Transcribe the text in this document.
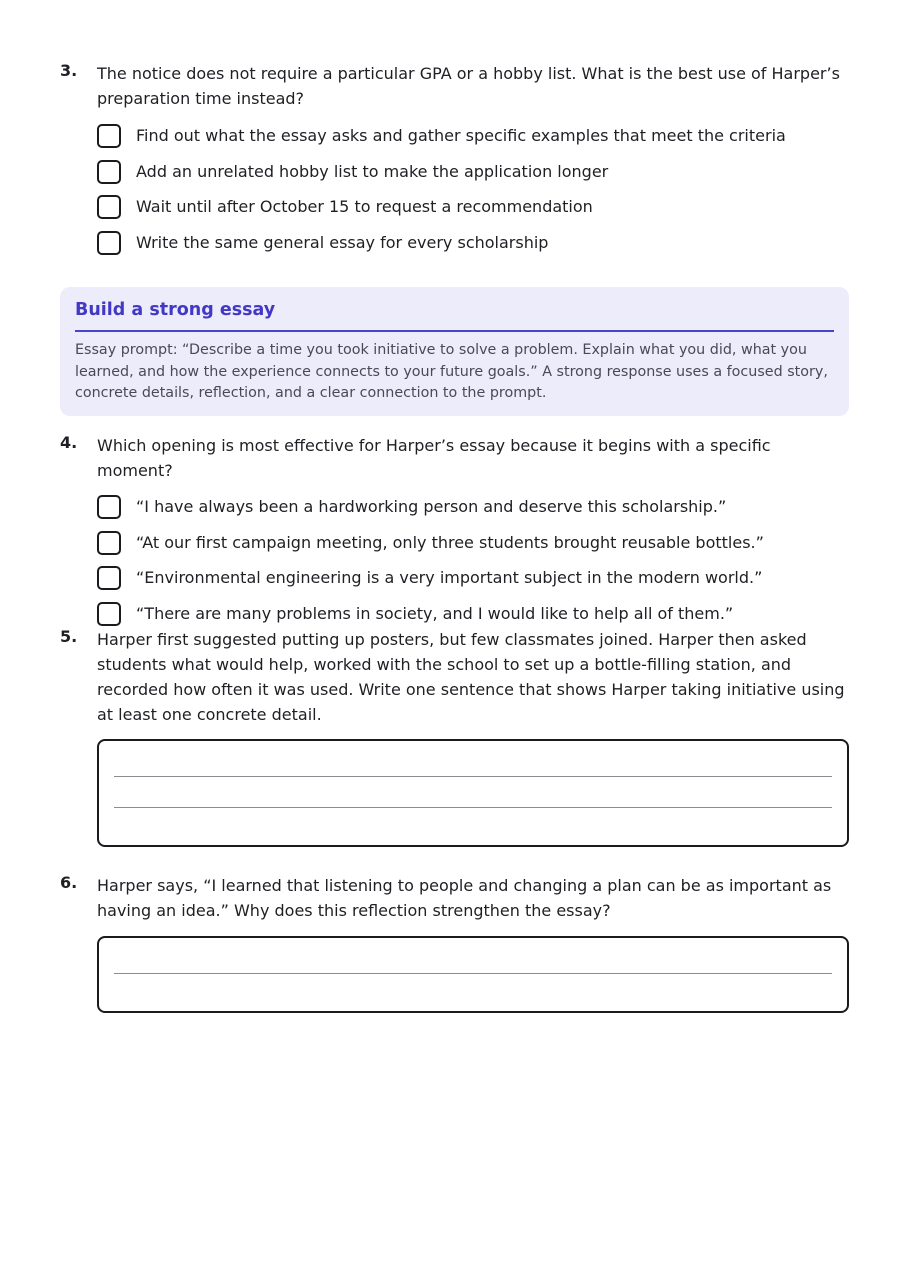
3. The notice does not require a particular GPA or a hobby list. What is the best use of Harper’s preparation time instead?
Find out what the essay asks and gather specific examples that meet the criteria
Add an unrelated hobby list to make the application longer
Wait until after October 15 to request a recommendation
Write the same general essay for every scholarship
Build a strong essay
Essay prompt: “Describe a time you took initiative to solve a problem. Explain what you did, what you learned, and how the experience connects to your future goals.” A strong response uses a focused story, concrete details, reflection, and a clear connection to the prompt.
4. Which opening is most effective for Harper’s essay because it begins with a specific moment?
“I have always been a hardworking person and deserve this scholarship.”
“At our first campaign meeting, only three students brought reusable bottles.”
“Environmental engineering is a very important subject in the modern world.”
“There are many problems in society, and I would like to help all of them.”
5. Harper first suggested putting up posters, but few classmates joined. Harper then asked students what would help, worked with the school to set up a bottle-filling station, and recorded how often it was used. Write one sentence that shows Harper taking initiative using at least one concrete detail.
6. Harper says, “I learned that listening to people and changing a plan can be as important as having an idea.” Why does this reflection strengthen the essay?
